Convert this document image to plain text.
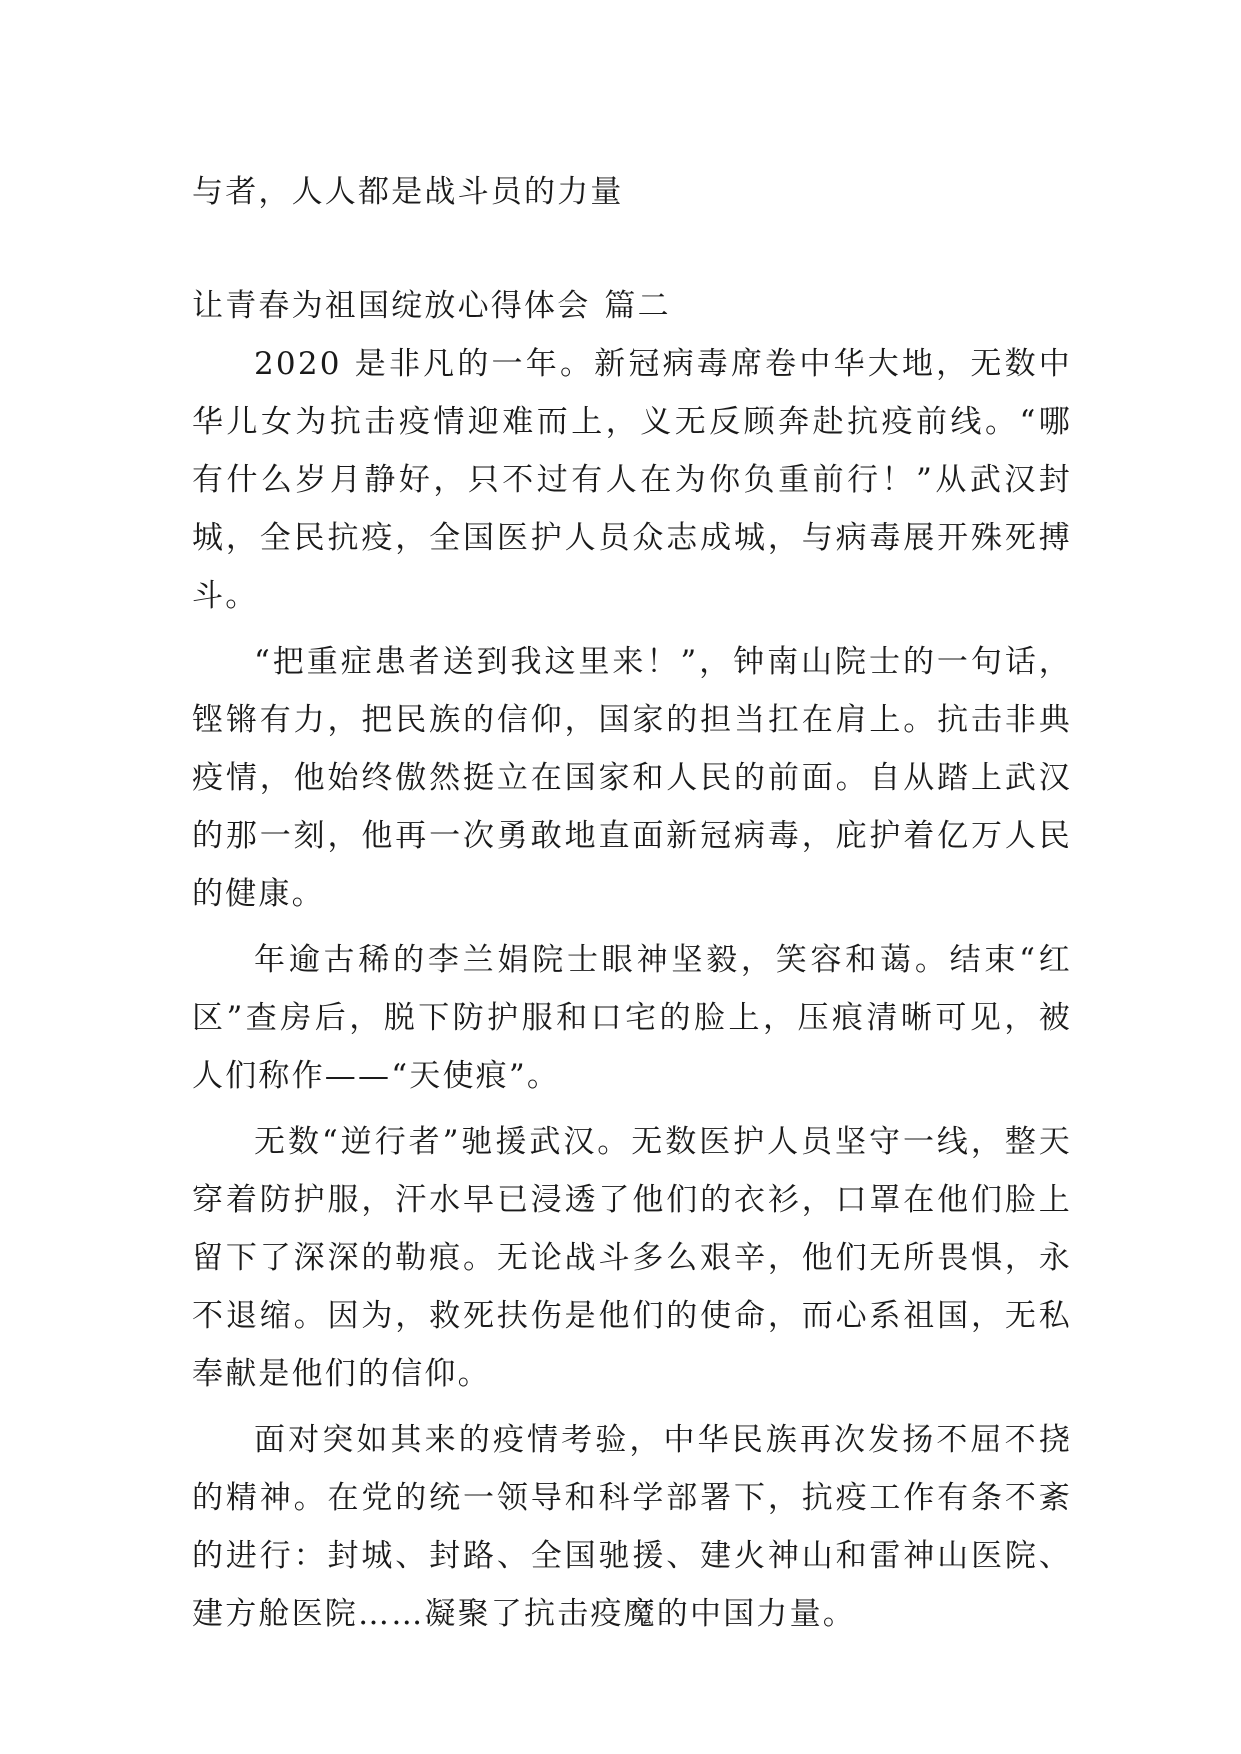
与者，人人都是战斗员的力量
让青春为祖国绽放心得体会 篇二

2020 是非凡的一年。新冠病毒席卷中华大地，无数中华儿女为抗击疫情迎难而上，义无反顾奔赴抗疫前线。“哪有什么岁月静好，只不过有人在为你负重前行！”从武汉封城，全民抗疫，全国医护人员众志成城，与病毒展开殊死搏斗。

“把重症患者送到我这里来！”，钟南山院士的一句话，铿锵有力，把民族的信仰，国家的担当扛在肩上。抗击非典疫情，他始终傲然挺立在国家和人民的前面。自从踏上武汉的那一刻，他再一次勇敢地直面新冠病毒，庇护着亿万人民的健康。

年逾古稀的李兰娟院士眼神坚毅，笑容和蔼。结束“红区”查房后，脱下防护服和口宅的脸上，压痕清晰可见，被人们称作——“天使痕”。

无数“逆行者”驰援武汉。无数医护人员坚守一线，整天穿着防护服，汗水早已浸透了他们的衣衫，口罩在他们脸上留下了深深的勒痕。无论战斗多么艰辛，他们无所畏惧，永不退缩。因为，救死扶伤是他们的使命，而心系祖国，无私奉献是他们的信仰。

面对突如其来的疫情考验，中华民族再次发扬不屈不挠的精神。在党的统一领导和科学部署下，抗疫工作有条不紊的进行：封城、封路、全国驰援、建火神山和雷神山医院、建方舱医院……凝聚了抗击疫魔的中国力量。
